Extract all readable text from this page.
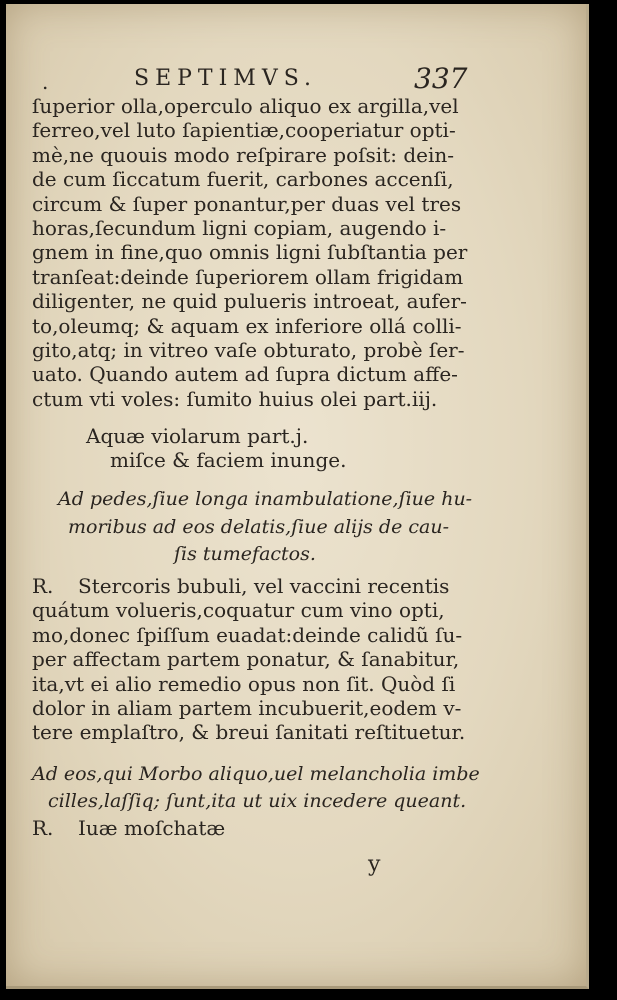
.	SEPTIMVS.	337
ſuperior olla,operculo aliquo ex argilla,vel
ferreo,vel luto ſapientiæ,cooperiatur opti-
mè,ne quouis modo reſpirare poſsit: dein-
de cum ſiccatum fuerit, carbones accenſi,
circum & ſuper ponantur,per duas vel tres
horas,ſecundum ligni copiam, augendo i-
gnem in fine,quo omnis ligni ſubſtantia per
tranſeat:deinde ſuperiorem ollam frigidam
diligenter, ne quid pulueris introeat, aufer-
to,oleumq; & aquam ex inferiore ollá colli-
gito,atq; in vitreo vaſe obturato, probè ſer-
uato. Quando autem ad ſupra dictum affe-
ctum vti voles: ſumito huius olei part.iij.
Aquæ violarum part.j.
miſce & faciem inunge.
Ad pedes,ſiue longa inambulatione,ſiue hu-
moribus ad eos delatis,ſiue alijs de cau-
ſis tumefactos.
R. Stercoris bubuli, vel vaccini recentis
quátum volueris,coquatur cum vino opti,
mo,donec ſpiſſum euadat:deinde calidũ ſu-
per affectam partem ponatur, & ſanabitur,
ita,vt ei alio remedio opus non ſit. Quòd ſi
dolor in aliam partem incubuerit,eodem v-
tere emplaſtro, & breui ſanitati reſtituetur.
Ad eos,qui Morbo aliquo,uel melancholia imbe
cilles,laſſiq; ſunt,ita ut uix incedere queant.
R. Iuæ moſchatæ
y
